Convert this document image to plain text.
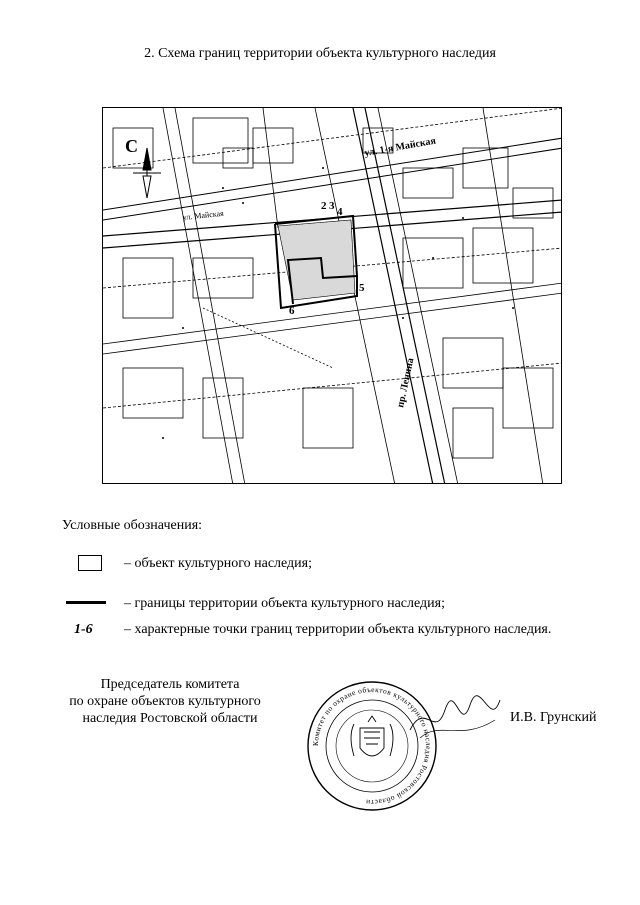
2. Схема границ территории объекта культурного наследия
С	ул. 1-я Майская
ул. Майская
пр. Ленина
2 3 4
5
6
Условные обозначения:
– объект культурного наследия;
– границы территории объекта культурного наследия;
1-6 – характерные точки границ территории объекта культурного наследия.
Председатель комитета
по охране объектов культурного
наследия Ростовской области
Комитет по охране объектов культурного наследия Ростовской области
И.В. Грунский
